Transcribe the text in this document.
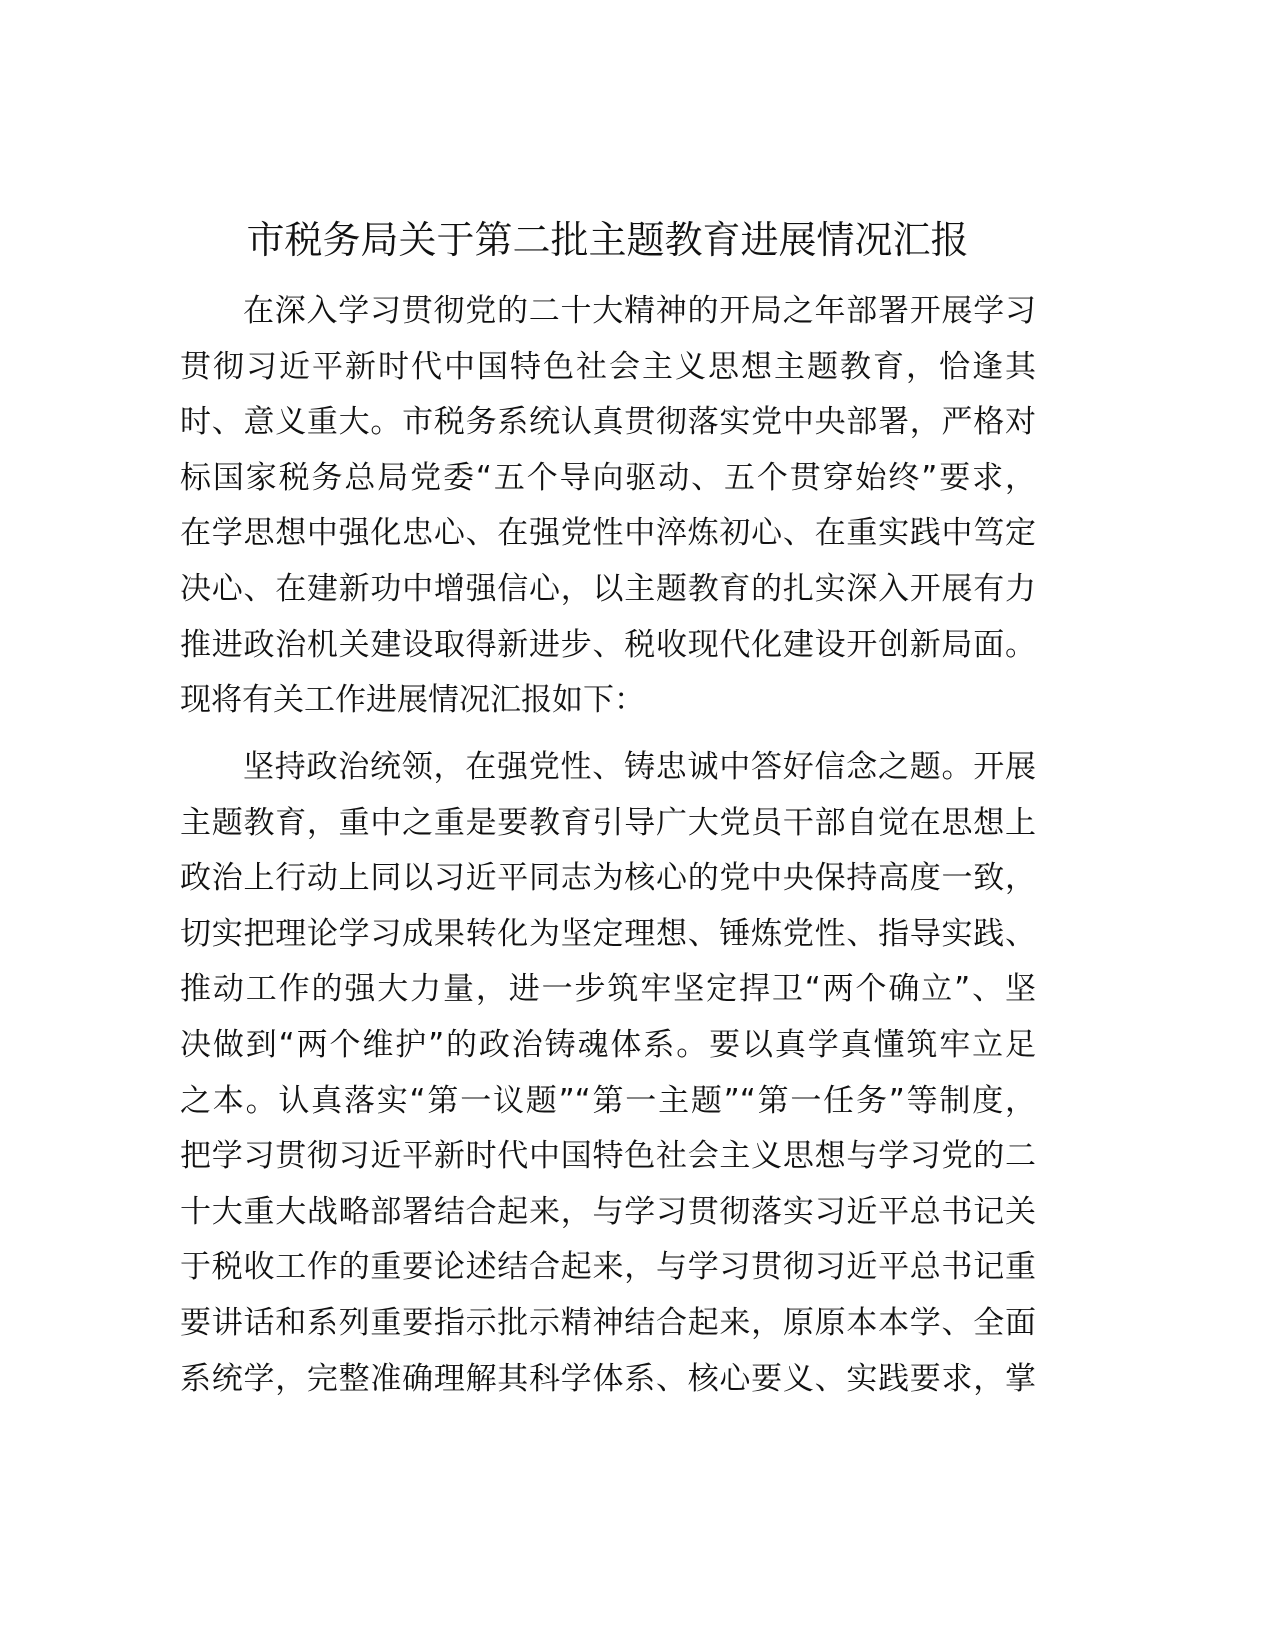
市税务局关于第二批主题教育进展情况汇报
在深入学习贯彻党的二十大精神的开局之年部署开展学习
贯彻习近平新时代中国特色社会主义思想主题教育，恰逢其
时、意义重大。市税务系统认真贯彻落实党中央部署，严格对
标国家税务总局党委“五个导向驱动、五个贯穿始终”要求，
在学思想中强化忠心、在强党性中淬炼初心、在重实践中笃定
决心、在建新功中增强信心，以主题教育的扎实深入开展有力
推进政治机关建设取得新进步、税收现代化建设开创新局面。
现将有关工作进展情况汇报如下：
坚持政治统领，在强党性、铸忠诚中答好信念之题。开展
主题教育，重中之重是要教育引导广大党员干部自觉在思想上
政治上行动上同以习近平同志为核心的党中央保持高度一致，
切实把理论学习成果转化为坚定理想、锤炼党性、指导实践、
推动工作的强大力量，进一步筑牢坚定捍卫“两个确立”、坚
决做到“两个维护”的政治铸魂体系。要以真学真懂筑牢立足
之本。认真落实“第一议题”“第一主题”“第一任务”等制度，
把学习贯彻习近平新时代中国特色社会主义思想与学习党的二
十大重大战略部署结合起来，与学习贯彻落实习近平总书记关
于税收工作的重要论述结合起来，与学习贯彻习近平总书记重
要讲话和系列重要指示批示精神结合起来，原原本本学、全面
系统学，完整准确理解其科学体系、核心要义、实践要求，掌
